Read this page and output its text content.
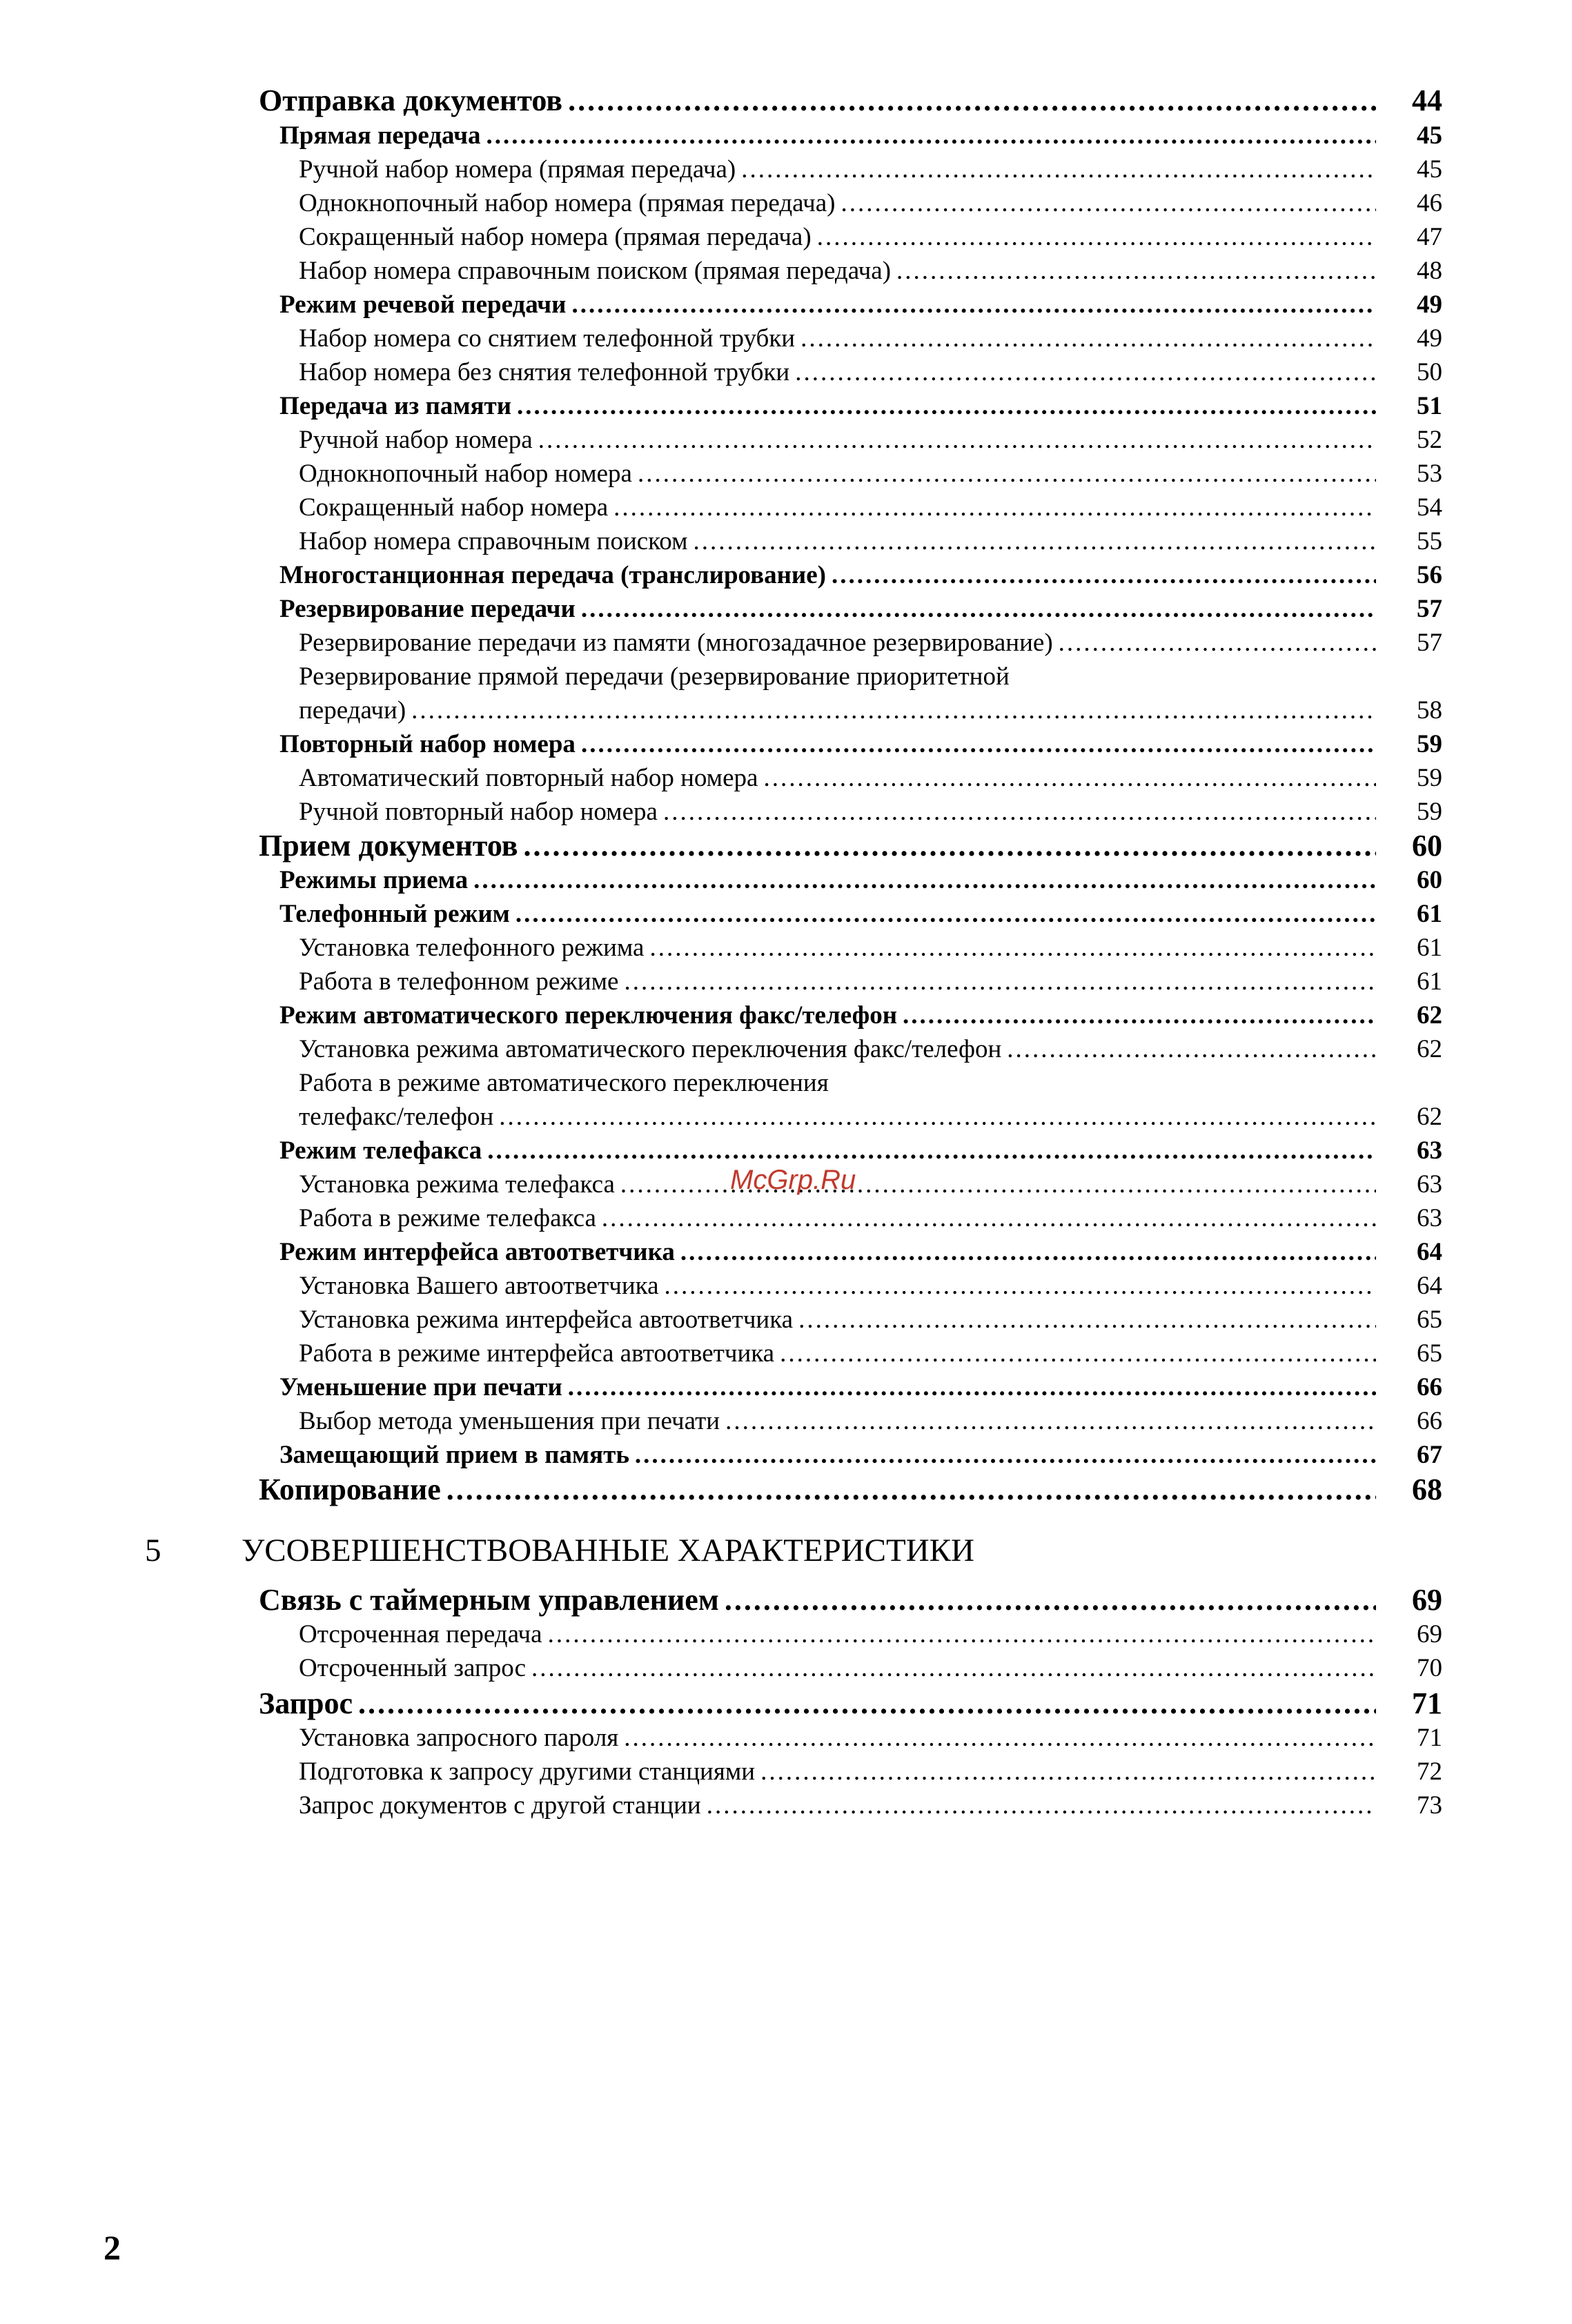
Отправка документов .....	44
Прямая передача .....	45
Ручной набор номера (прямая передача) .....	45
Однокнопочный набор номера (прямая передача) .....	46
Сокращенный набор номера (прямая передача) .....	47
Набор номера справочным поиском (прямая передача) .....	48
Режим речевой передачи .....	49
Набор номера со снятием телефонной трубки .....	49
Набор номера без снятия телефонной трубки .....	50
Передача из памяти .....	51
Ручной набор номера .....	52
Однокнопочный набор номера .....	53
Сокращенный набор номера .....	54
Набор номера справочным поиском .....	55
Многостанционная передача (транслирование) .....	56
Резервирование передачи .....	57
Резервирование передачи из памяти (многозадачное резервирование) .....	57
Резервирование прямой передачи (резервирование приоритетной
передачи) .....	58
Повторный набор номера .....	59
Автоматический повторный набор номера .....	59
Ручной повторный набор номера .....	59
Прием документов .....	60
Режимы приема .....	60
Телефонный режим .....	61
Установка телефонного режима .....	61
Работа в телефонном режиме .....	61
Режим автоматического переключения факс/телефон .....	62
Установка режима автоматического переключения факс/телефон .....	62
Работа в режиме автоматического переключения
телефакс/телефон .....	62
Режим телефакса .....	63
Установка режима телефакса .....	63
Работа в режиме телефакса .....	63
Режим интерфейса автоответчика .....	64
Установка Вашего автоответчика .....	64
Установка режима интерфейса автоответчика .....	65
Работа в режиме интерфейса автоответчика .....	65
Уменьшение при печати .....	66
Выбор метода уменьшения при печати .....	66
Замещающий прием в память .....	67
Копирование .....	68
5 УСОВЕРШЕНСТВОВАННЫЕ ХАРАКТЕРИСТИКИ
Связь с таймерным управлением .....	69
Отсроченная передача .....	69
Отсроченный запрос .....	70
Запрос .....	71
Установка запросного пароля .....	71
Подготовка к запросу другими станциями .....	72
Запрос документов с другой станции .....	73
McGrp.Ru
2
